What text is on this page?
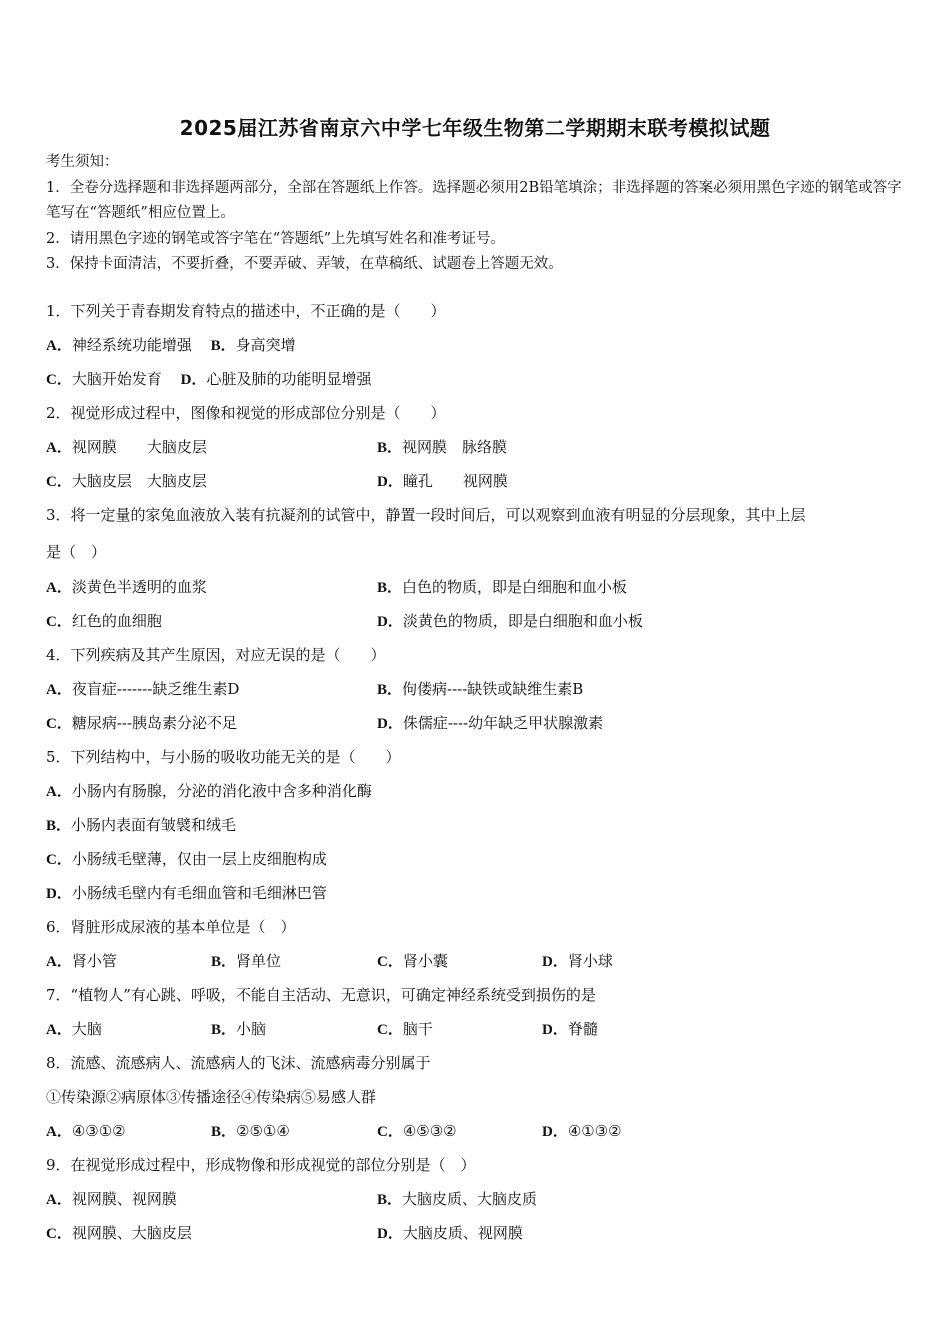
2025届江苏省南京六中学七年级生物第二学期期末联考模拟试题
考生须知：
1．全卷分选择题和非选择题两部分，全部在答题纸上作答。选择题必须用2B铅笔填涂；非选择题的答案必须用黑色字迹的钢笔或答字笔写在“答题纸”相应位置上。
2．请用黑色字迹的钢笔或答字笔在“答题纸”上先填写姓名和准考证号。
3．保持卡面清洁，不要折叠，不要弄破、弄皱，在草稿纸、试题卷上答题无效。
1．下列关于青春期发育特点的描述中，不正确的是（　　）
A．神经系统功能增强 B．身高突增
C．大脑开始发育 D．心脏及肺的功能明显增强
2．视觉形成过程中，图像和视觉的形成部位分别是（　　）
A．视网膜　　大脑皮层	B．视网膜　脉络膜
C．大脑皮层　大脑皮层	D．瞳孔　　视网膜
3．将一定量的家兔血液放入装有抗凝剂的试管中，静置一段时间后，可以观察到血液有明显的分层现象，其中上层
是（　）
A．淡黄色半透明的血浆	B．白色的物质，即是白细胞和血小板
C．红色的血细胞	D．淡黄色的物质，即是白细胞和血小板
4．下列疾病及其产生原因，对应无误的是（　　）
A．夜盲症-------缺乏维生素D	B．佝偻病----缺铁或缺维生素B
C．糖尿病---胰岛素分泌不足	D．侏儒症----幼年缺乏甲状腺激素
5．下列结构中，与小肠的吸收功能无关的是（　　）
A．小肠内有肠腺，分泌的消化液中含多种消化酶
B．小肠内表面有皱襞和绒毛
C．小肠绒毛壁薄，仅由一层上皮细胞构成
D．小肠绒毛壁内有毛细血管和毛细淋巴管
6．肾脏形成尿液的基本单位是（　）
A．肾小管	B．肾单位	C．肾小囊	D．肾小球
7．“植物人”有心跳、呼吸，不能自主活动、无意识，可确定神经系统受到损伤的是
A．大脑	B．小脑	C．脑干	D．脊髓
8．流感、流感病人、流感病人的飞沫、流感病毒分别属于
①传染源②病原体③传播途径④传染病⑤易感人群
A．④③①②	B．②⑤①④	C．④⑤③②	D．④①③②
9．在视觉形成过程中，形成物像和形成视觉的部位分别是（　）
A．视网膜、视网膜	B．大脑皮质、大脑皮质
C．视网膜、大脑皮层	D．大脑皮质、视网膜
